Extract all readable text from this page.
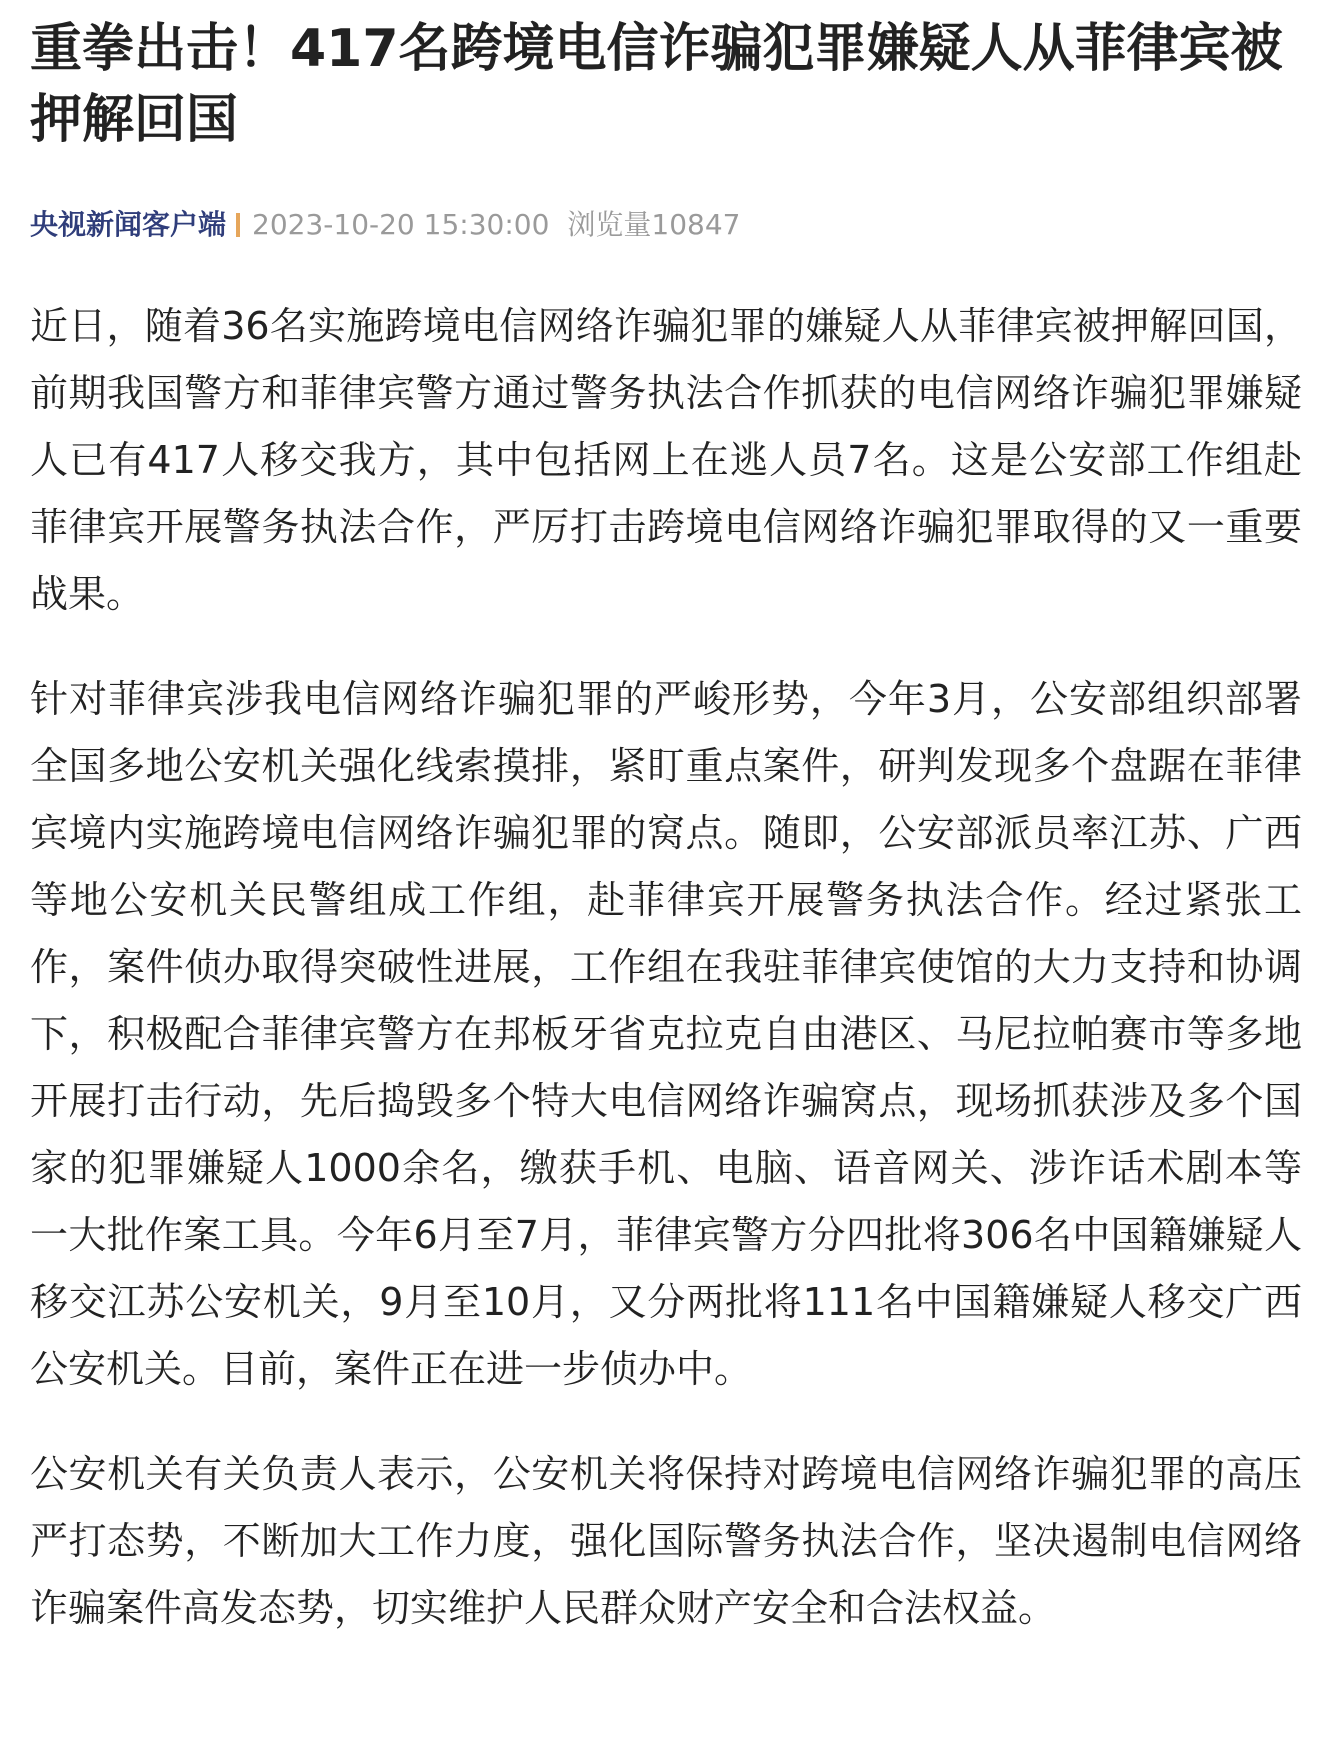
重拳出击！417名跨境电信诈骗犯罪嫌疑人从菲律宾被押解回国
央视新闻客户端 2023-10-20 15:30:00 浏览量10847

近日，随着36名实施跨境电信网络诈骗犯罪的嫌疑人从菲律宾被押解回国，前期我国警方和菲律宾警方通过警务执法合作抓获的电信网络诈骗犯罪嫌疑人已有417人移交我方，其中包括网上在逃人员7名。这是公安部工作组赴菲律宾开展警务执法合作，严厉打击跨境电信网络诈骗犯罪取得的又一重要战果。

针对菲律宾涉我电信网络诈骗犯罪的严峻形势，今年3月，公安部组织部署全国多地公安机关强化线索摸排，紧盯重点案件，研判发现多个盘踞在菲律宾境内实施跨境电信网络诈骗犯罪的窝点。随即，公安部派员率江苏、广西等地公安机关民警组成工作组，赴菲律宾开展警务执法合作。经过紧张工作，案件侦办取得突破性进展，工作组在我驻菲律宾使馆的大力支持和协调下，积极配合菲律宾警方在邦板牙省克拉克自由港区、马尼拉帕赛市等多地开展打击行动，先后捣毁多个特大电信网络诈骗窝点，现场抓获涉及多个国家的犯罪嫌疑人1000余名，缴获手机、电脑、语音网关、涉诈话术剧本等一大批作案工具。今年6月至7月，菲律宾警方分四批将306名中国籍嫌疑人移交江苏公安机关，9月至10月，又分两批将111名中国籍嫌疑人移交广西公安机关。目前，案件正在进一步侦办中。

公安机关有关负责人表示，公安机关将保持对跨境电信网络诈骗犯罪的高压严打态势，不断加大工作力度，强化国际警务执法合作，坚决遏制电信网络诈骗案件高发态势，切实维护人民群众财产安全和合法权益。
